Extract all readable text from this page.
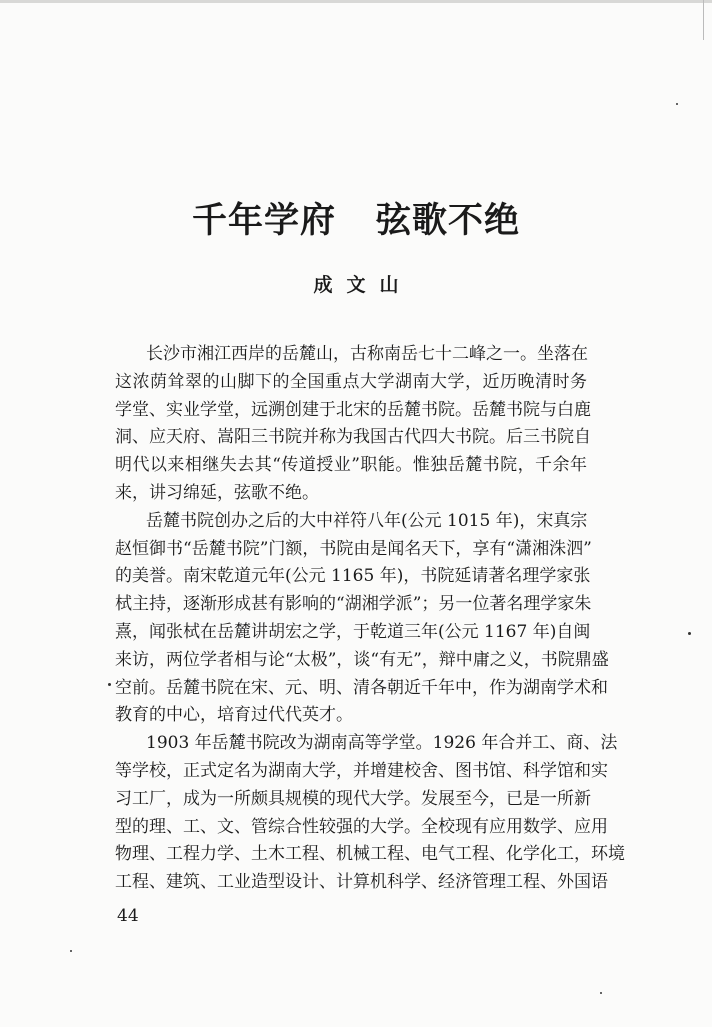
千年学府 弦歌不绝
成文山
长沙市湘江西岸的岳麓山，古称南岳七十二峰之一。坐落在
这浓荫耸翠的山脚下的全国重点大学湖南大学，近历晚清时务
学堂、实业学堂，远溯创建于北宋的岳麓书院。岳麓书院与白鹿
洞、应天府、嵩阳三书院并称为我国古代四大书院。后三书院自
明代以来相继失去其“传道授业”职能。惟独岳麓书院，千余年
来，讲习绵延，弦歌不绝。
岳麓书院创办之后的大中祥符八年(公元 1015 年)，宋真宗
赵恒御书“岳麓书院”门额，书院由是闻名天下，享有“潇湘洙泗”
的美誉。南宋乾道元年(公元 1165 年)，书院延请著名理学家张
栻主持，逐渐形成甚有影响的“湖湘学派”；另一位著名理学家朱
熹，闻张栻在岳麓讲胡宏之学，于乾道三年(公元 1167 年)自闽
来访，两位学者相与论“太极”，谈“有无”，辩中庸之义，书院鼎盛
空前。岳麓书院在宋、元、明、清各朝近千年中，作为湖南学术和
教育的中心，培育过代代英才。
1903 年岳麓书院改为湖南高等学堂。1926 年合并工、商、法
等学校，正式定名为湖南大学，并增建校舍、图书馆、科学馆和实
习工厂，成为一所颇具规模的现代大学。发展至今，已是一所新
型的理、工、文、管综合性较强的大学。全校现有应用数学、应用
物理、工程力学、土木工程、机械工程、电气工程、化学化工，环境
工程、建筑、工业造型设计、计算机科学、经济管理工程、外国语
44
